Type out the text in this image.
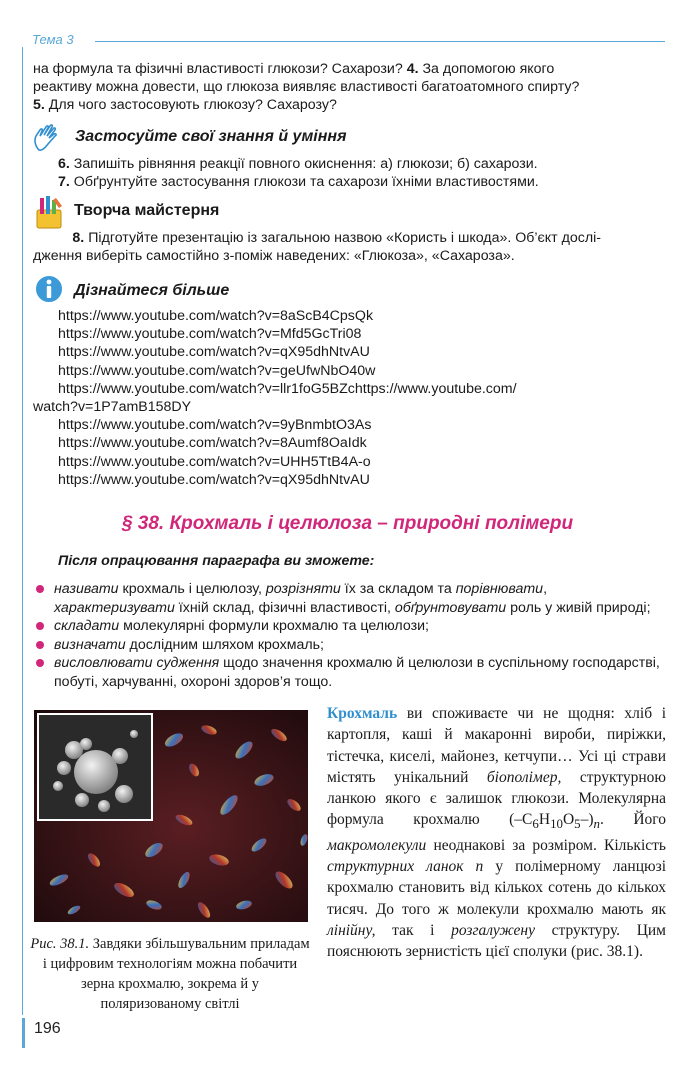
Тема 3

на формула та фізичні властивості глюкози? Сахарози? 4. За допомогою якого
реактиву можна довести, що глюкоза виявляє властивості багатоатомного спирту?
5. Для чого застосовують глюкозу? Сахарозу?

Застосуйте свої знання й уміння

6. Запишіть рівняння реакції повного окиснення: а) глюкози; б) сахарози.
7. Обґрунтуйте застосування глюкози та сахарози їхніми властивостями.

Творча майстерня

8. Підготуйте презентацію із загальною назвою «Користь і шкода». Об’єкт дослі-
дження виберіть самостійно з-поміж наведених: «Глюкоза», «Сахароза».

Дізнайтеся більше
https://www.youtube.com/watch?v=8aScB4CpsQk
https://www.youtube.com/watch?v=Mfd5GcTri08
https://www.youtube.com/watch?v=qX95dhNtvAU
https://www.youtube.com/watch?v=geUfwNbO40w
https://www.youtube.com/watch?v=llr1foG5BZchttps://www.youtube.com/
watch?v=1P7amB158DY
https://www.youtube.com/watch?v=9yBnmbtO3As
https://www.youtube.com/watch?v=8Aumf8OaIdk
https://www.youtube.com/watch?v=UHH5TtB4A-o
https://www.youtube.com/watch?v=qX95dhNtvAU
§ 38. Крохмаль і целюлоза – природні полімери
Після опрацювання параграфа ви зможете:
називати крохмаль і целюлозу, розрізняти їх за складом та порівнювати, характеризувати їхній склад, фізичні властивості, обґрунтовувати роль у живій природі;
складати молекулярні формули крохмалю та целюлози;
визначати дослідним шляхом крохмаль;
висловлювати судження щодо значення крохмалю й целюлози в суспільному господарстві, побуті, харчуванні, охороні здоров’я тощо.
Рис. 38.1. Завдяки збільшувальним приладам і цифровим технологіям можна побачити зерна крохмалю, зокрема й у поляризованому світлі
Крохмаль ви споживаєте чи не щодня: хліб і картопля, каші й макаронні вироби, пиріжки, тістечка, киселі, майонез, кетчупи… Усі ці страви містять унікальний біополімер, структурною ланкою якого є залишок глюкози. Молекулярна формула крохмалю $(-C_6H_{10}O_5-)_n$. Його макромолекули неоднакові за розміром. Кількість структурних ланок n у полімерному ланцюзі крохмалю становить від кількох сотень до кількох тисяч. До того ж молекули крохмалю мають як лінійну, так і розгалужену структуру. Цим пояснюють зернистість цієї сполуки (рис. 38.1).
196
